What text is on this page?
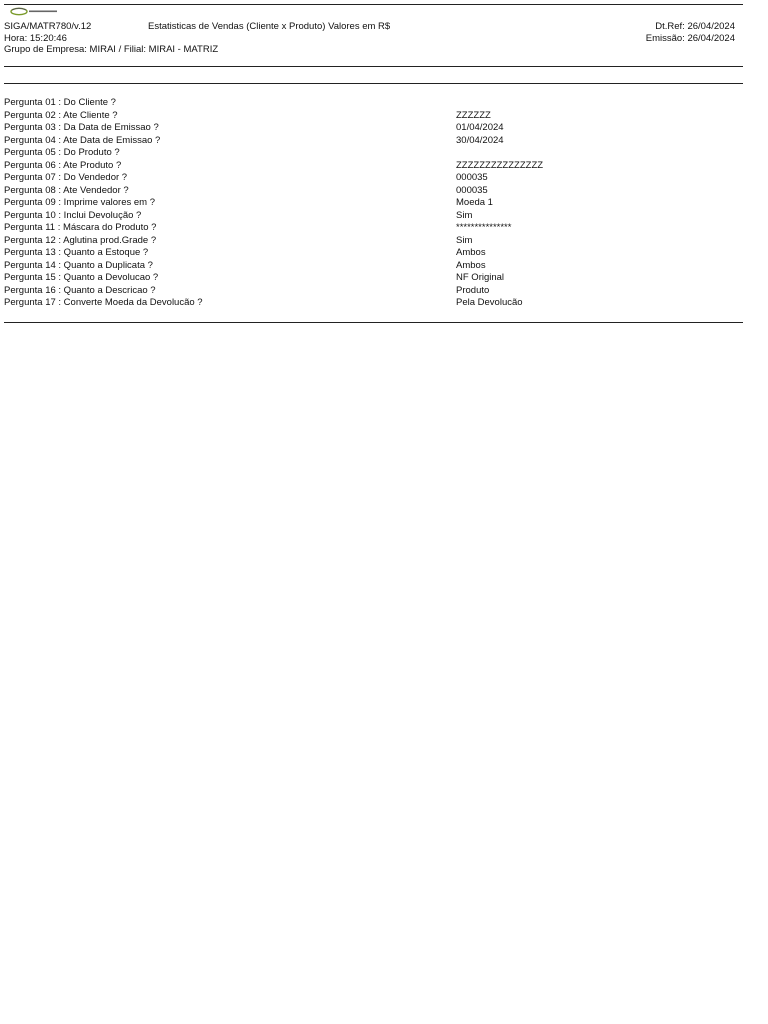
SIGA/MATR780/v.12	Estatisticas de Vendas (Cliente x Produto) Valores em R$	Dt.Ref: 26/04/2024
Hora: 15:20:46	Emissão: 26/04/2024
Grupo de Empresa: MIRAI / Filial: MIRAI - MATRIZ
Pergunta 01 : Do Cliente ?
Pergunta 02 : Ate Cliente ?	ZZZZZZ
Pergunta 03 : Da Data de Emissao ?	01/04/2024
Pergunta 04 : Ate Data de Emissao ?	30/04/2024
Pergunta 05 : Do Produto ?
Pergunta 06 : Ate Produto ?	ZZZZZZZZZZZZZZZ
Pergunta 07 : Do Vendedor ?	000035
Pergunta 08 : Ate Vendedor ?	000035
Pergunta 09 : Imprime valores em ?	Moeda 1
Pergunta 10 : Inclui Devolução ?	Sim
Pergunta 11 : Máscara do Produto ?	***************
Pergunta 12 : Aglutina prod.Grade ?	Sim
Pergunta 13 : Quanto a Estoque ?	Ambos
Pergunta 14 : Quanto a Duplicata ?	Ambos
Pergunta 15 : Quanto a Devolucao ?	NF Original
Pergunta 16 : Quanto a Descricao ?	Produto
Pergunta 17 : Converte Moeda da Devolucão ?	Pela Devolucão
